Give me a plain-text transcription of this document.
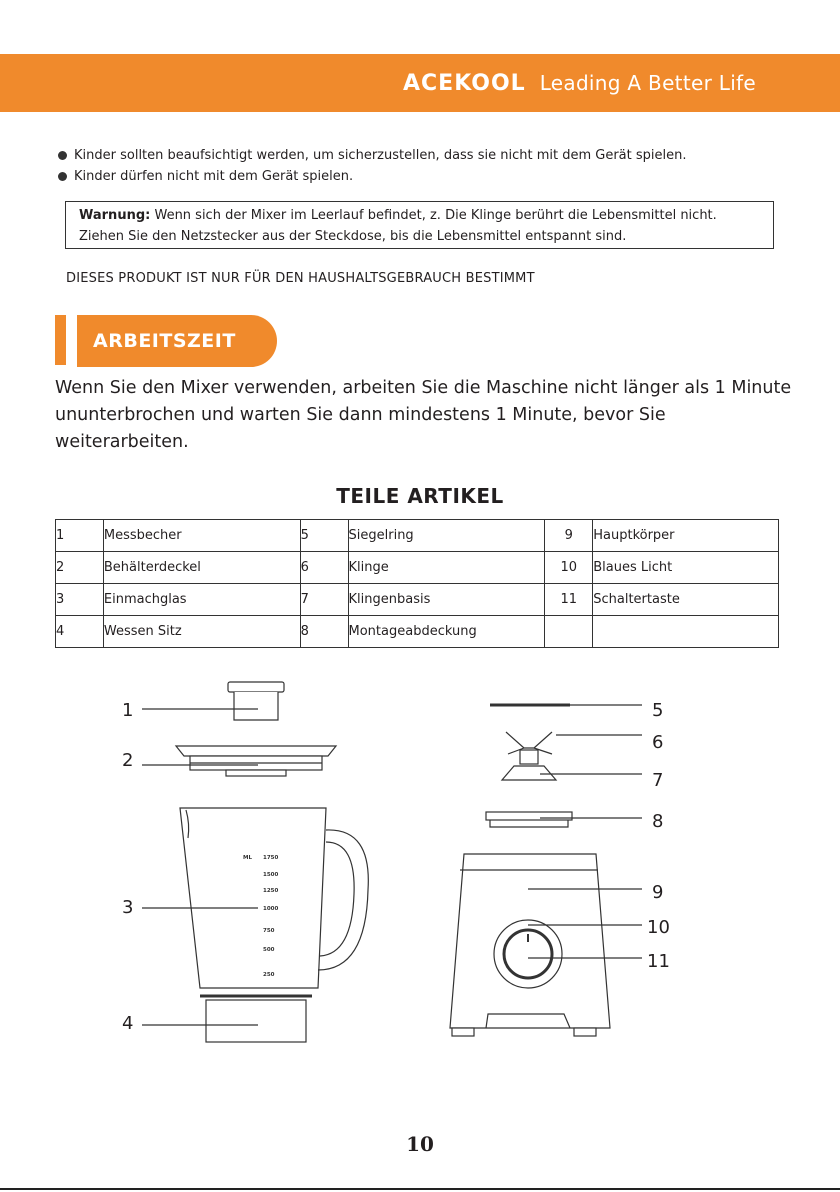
ACEKOOL Leading A Better Life
Kinder sollten beaufsichtigt werden, um sicherzustellen, dass sie nicht mit dem Gerät spielen.
Kinder dürfen nicht mit dem Gerät spielen.
Warnung: Wenn sich der Mixer im Leerlauf befindet, z. Die Klinge berührt die Lebensmittel nicht.
Ziehen Sie den Netzstecker aus der Steckdose, bis die Lebensmittel entspannt sind.
DIESES PRODUKT IST NUR FÜR DEN HAUSHALTSGEBRAUCH BESTIMMT
ARBEITSZEIT
Wenn Sie den Mixer verwenden, arbeiten Sie die Maschine nicht länger als 1 Minute ununterbrochen und warten Sie dann mindestens 1 Minute, bevor Sie weiterarbeiten.
TEILE ARTIKEL
1	Messbecher	5	Siegelring	9	Hauptkörper
2	Behälterdeckel	6	Klinge	10	Blaues Licht
3	Einmachglas	7	Klingenbasis	11	Schaltertaste
4	Wessen Sitz	8	Montageabdeckung		
ML 1750
1500
1250
1000
750
500
250
1
2
3
4
5
6
7
8
9
10
11
10
